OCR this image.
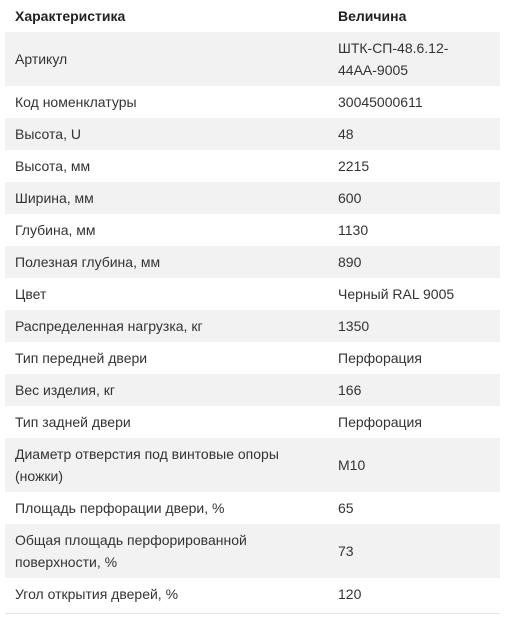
Характеристика	Величина
Артикул	ШТК-СП-48.6.12-44АА-9005
Код номенклатуры	30045000611
Высота, U	48
Высота, мм	2215
Ширина, мм	600
Глубина, мм	1130
Полезная глубина, мм	890
Цвет	Черный RAL 9005
Распределенная нагрузка, кг	1350
Тип передней двери	Перфорация
Вес изделия, кг	166
Тип задней двери	Перфорация
Диаметр отверстия под винтовые опоры (ножки)	M10
Площадь перфорации двери, %	65
Общая площадь перфорированной поверхности, %	73
Угол открытия дверей, %	120
